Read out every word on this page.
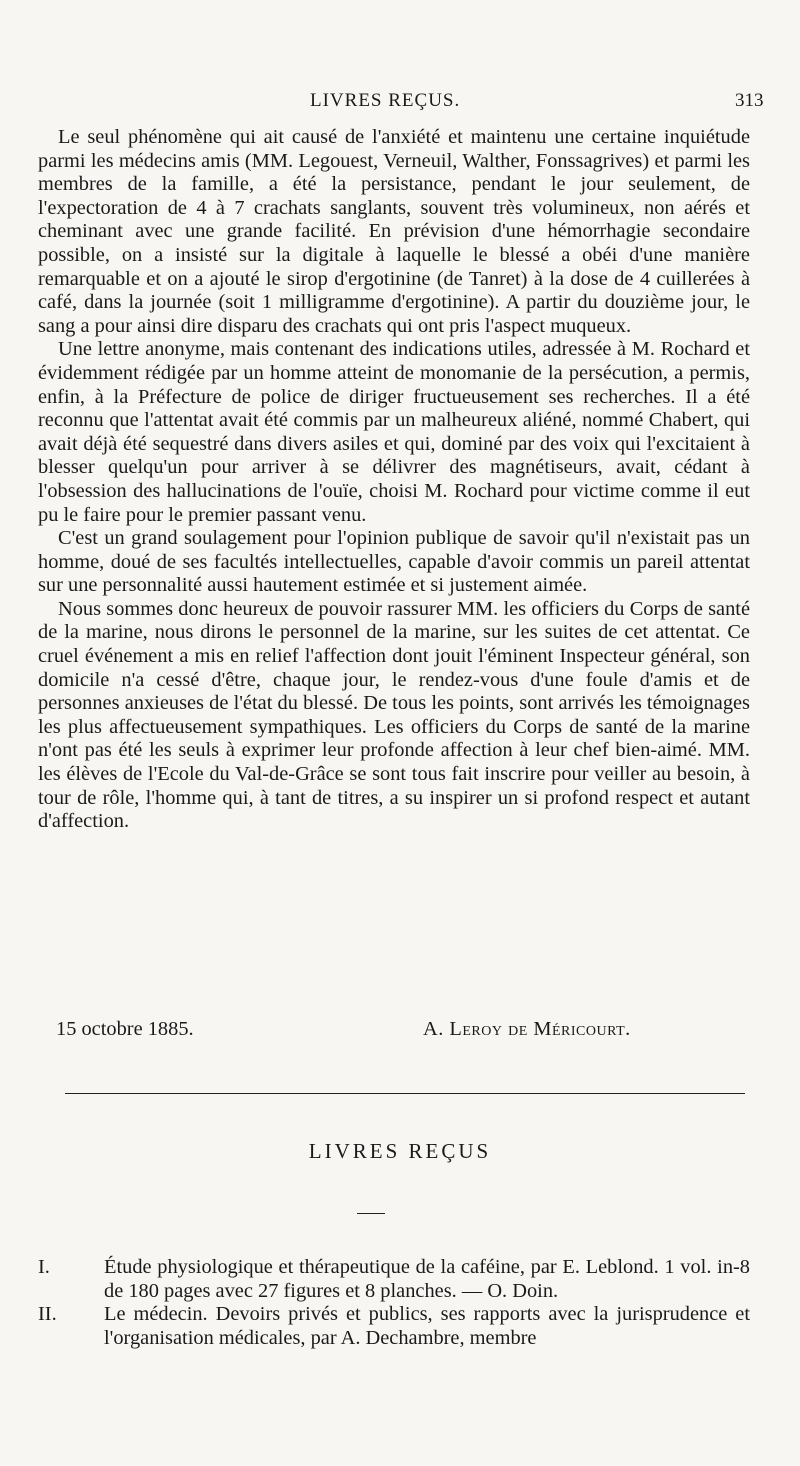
LIVRES REÇUS.	313

Le seul phénomène qui ait causé de l'anxiété et maintenu une certaine inquiétude parmi les médecins amis (MM. Legouest, Verneuil, Walther, Fonssagrives) et parmi les membres de la famille, a été la persistance, pendant le jour seulement, de l'expectoration de 4 à 7 crachats sanglants, souvent très volumineux, non aérés et cheminant avec une grande facilité. En prévision d'une hémorrhagie secondaire possible, on a insisté sur la digitale à laquelle le blessé a obéi d'une manière remarquable et on a ajouté le sirop d'ergotinine (de Tanret) à la dose de 4 cuillerées à café, dans la journée (soit 1 milligramme d'ergotinine). A partir du douzième jour, le sang a pour ainsi dire disparu des crachats qui ont pris l'aspect muqueux.

Une lettre anonyme, mais contenant des indications utiles, adressée à M. Rochard et évidemment rédigée par un homme atteint de monomanie de la persécution, a permis, enfin, à la Préfecture de police de diriger fructueusement ses recherches. Il a été reconnu que l'attentat avait été commis par un malheureux aliéné, nommé Chabert, qui avait déjà été sequestré dans divers asiles et qui, dominé par des voix qui l'excitaient à blesser quelqu'un pour arriver à se délivrer des magnétiseurs, avait, cédant à l'obsession des hallucinations de l'ouïe, choisi M. Rochard pour victime comme il eut pu le faire pour le premier passant venu.

C'est un grand soulagement pour l'opinion publique de savoir qu'il n'existait pas un homme, doué de ses facultés intellectuelles, capable d'avoir commis un pareil attentat sur une personnalité aussi hautement estimée et si justement aimée.

Nous sommes donc heureux de pouvoir rassurer MM. les officiers du Corps de santé de la marine, nous dirons le personnel de la marine, sur les suites de cet attentat. Ce cruel événement a mis en relief l'affection dont jouit l'éminent Inspecteur général, son domicile n'a cessé d'être, chaque jour, le rendez-vous d'une foule d'amis et de personnes anxieuses de l'état du blessé. De tous les points, sont arrivés les témoignages les plus affectueusement sympathiques. Les officiers du Corps de santé de la marine n'ont pas été les seuls à exprimer leur profonde affection à leur chef bien-aimé. MM. les élèves de l'Ecole du Val-de-Grâce se sont tous fait inscrire pour veiller au besoin, à tour de rôle, l'homme qui, à tant de titres, a su inspirer un si profond respect et autant d'affection.

15 octobre 1885.	A. Leroy de Méricourt.
LIVRES REÇUS
I.	Étude physiologique et thérapeutique de la caféine, par E. Leblond. 1 vol. in-8 de 180 pages avec 27 figures et 8 planches. — O. Doin.
II. Le médecin. Devoirs privés et publics, ses rapports avec la jurisprudence et l'organisation médicales, par A. Dechambre, membre
